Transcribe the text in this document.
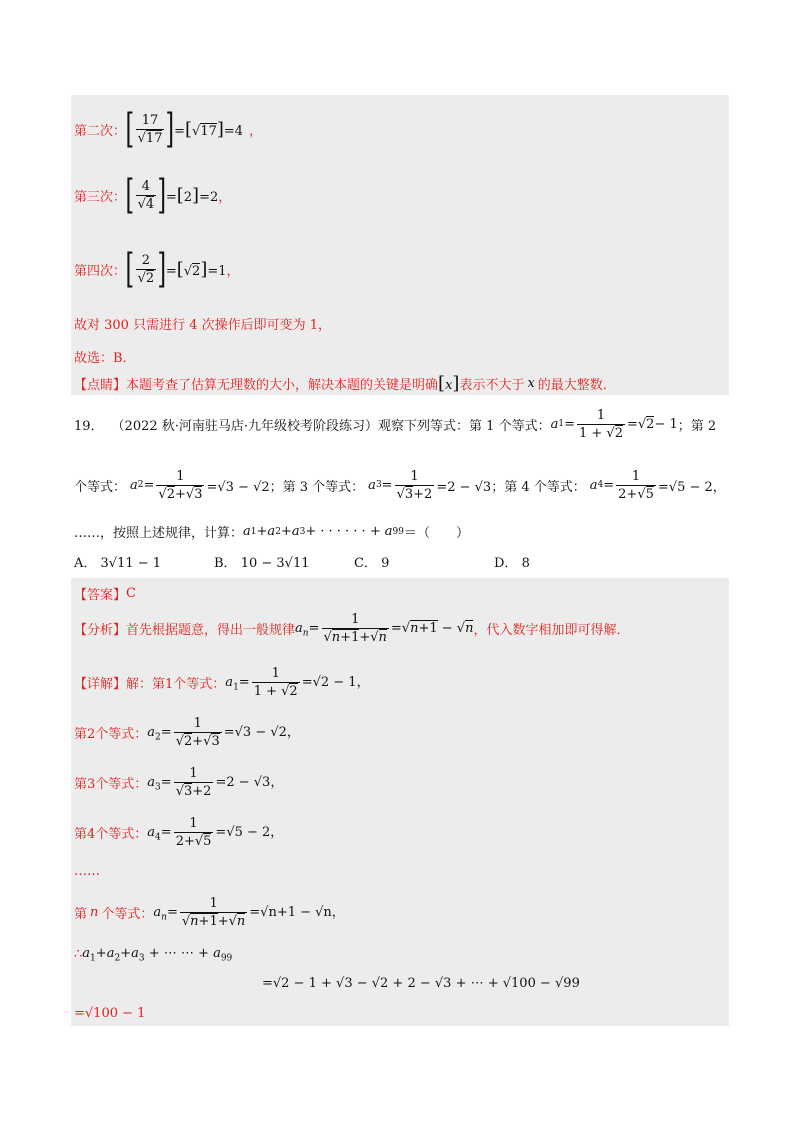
第二次： [ $\frac{17}{√17}$ ] =[√17]=4 ，
第三次： [ $\frac{4}{√4}$ ] =[2]=2 ，
第四次： [ $\frac{2}{√2}$ ] =[√2]=1 ，
故对 300 只需进行 4 次操作后即可变为 1，
故选：B．
【点睛】 本题考查了估算无理数的大小，解决本题的关键是明确 [x] 表示不大于 x 的最大整数．
19． （2022 秋·河南驻马店·九年级校考阶段练习）观察下列等式：第 1 个等式： a $1 = \frac{1}{1 + √2}$ =√ 2 − 1 ；第 2
个等式： a $2 = \frac{1}{√2+√3} =√3 - √2$；第 3 个等式： a $3 = \frac{1}{√3+2} =2 - √3$；第 4 个等式： a $4 = \frac{1}{2+√5} =√5 - 2$，
……，按照上述规律，计算： a 1 + a 2 + a 3 + · · · · · · + a 99 ＝（　　）
A． 3√11 − 1	B． 10 − 3√11	C． 9	D． 8
【答案】 C
【分析】 首先根据题意，得出一般规律 $a_n= \frac{1}{√n+1+√n} =√n+1 - √n$ ，代入数字相加即可得解．
【详解】 解：第1个等式： $a_1= \frac{1}{1 + √2} =√2 - 1$，
第2个等式： $a_2= \frac{1}{√2+√3} =√3 - √2$，
第3个等式： $a_3= \frac{1}{√3+2} =2 - √3$，
第4个等式： $a_4= \frac{1}{2+√5} =√5 - 2$，
……
第 n 个等式： $a_n= \frac{1}{√n+1+√n} =√n+1 - √n$，
∴ $a_1+a_2+a_3$ + ⋯ ⋯ + $a_{99}$
=√2 − 1 + √3 − √2 + 2 − √3 + ⋯ + √100 − √99
=√100 − 1
